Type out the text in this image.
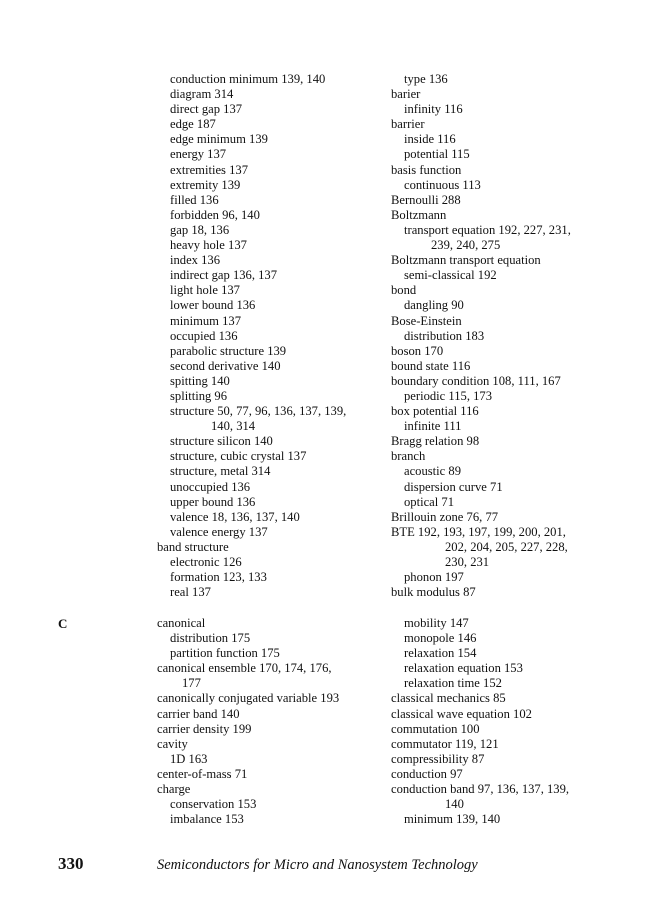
conduction minimum 139, 140
diagram 314
direct gap 137
edge 187
edge minimum 139
energy 137
extremities 137
extremity 139
filled 136
forbidden 96, 140
gap 18, 136
heavy hole 137
index 136
indirect gap 136, 137
light hole 137
lower bound 136
minimum 137
occupied 136
parabolic structure 139
second derivative 140
spitting 140
splitting 96
structure 50, 77, 96, 136, 137, 139,
140, 314
structure silicon 140
structure, cubic crystal 137
structure, metal 314
unoccupied 136
upper bound 136
valence 18, 136, 137, 140
valence energy 137
band structure
electronic 126
formation 123, 133
real 137
type 136
barier
infinity 116
barrier
inside 116
potential 115
basis function
continuous 113
Bernoulli 288
Boltzmann
transport equation 192, 227, 231,
239, 240, 275
Boltzmann transport equation
semi-classical 192
bond
dangling 90
Bose-Einstein
distribution 183
boson 170
bound state 116
boundary condition 108, 111, 167
periodic 115, 173
box potential 116
infinite 111
Bragg relation 98
branch
acoustic 89
dispersion curve 71
optical 71
Brillouin zone 76, 77
BTE 192, 193, 197, 199, 200, 201,
202, 204, 205, 227, 228,
230, 231
phonon 197
bulk modulus 87
C	canonical
distribution 175
partition function 175
canonical ensemble 170, 174, 176,
177
canonically conjugated variable 193
carrier band 140
carrier density 199
cavity
1D 163
center-of-mass 71
charge
conservation 153
imbalance 153
mobility 147
monopole 146
relaxation 154
relaxation equation 153
relaxation time 152
classical mechanics 85
classical wave equation 102
commutation 100
commutator 119, 121
compressibility 87
conduction 97
conduction band 97, 136, 137, 139,
140
minimum 139, 140
330	Semiconductors for Micro and Nanosystem Technology
